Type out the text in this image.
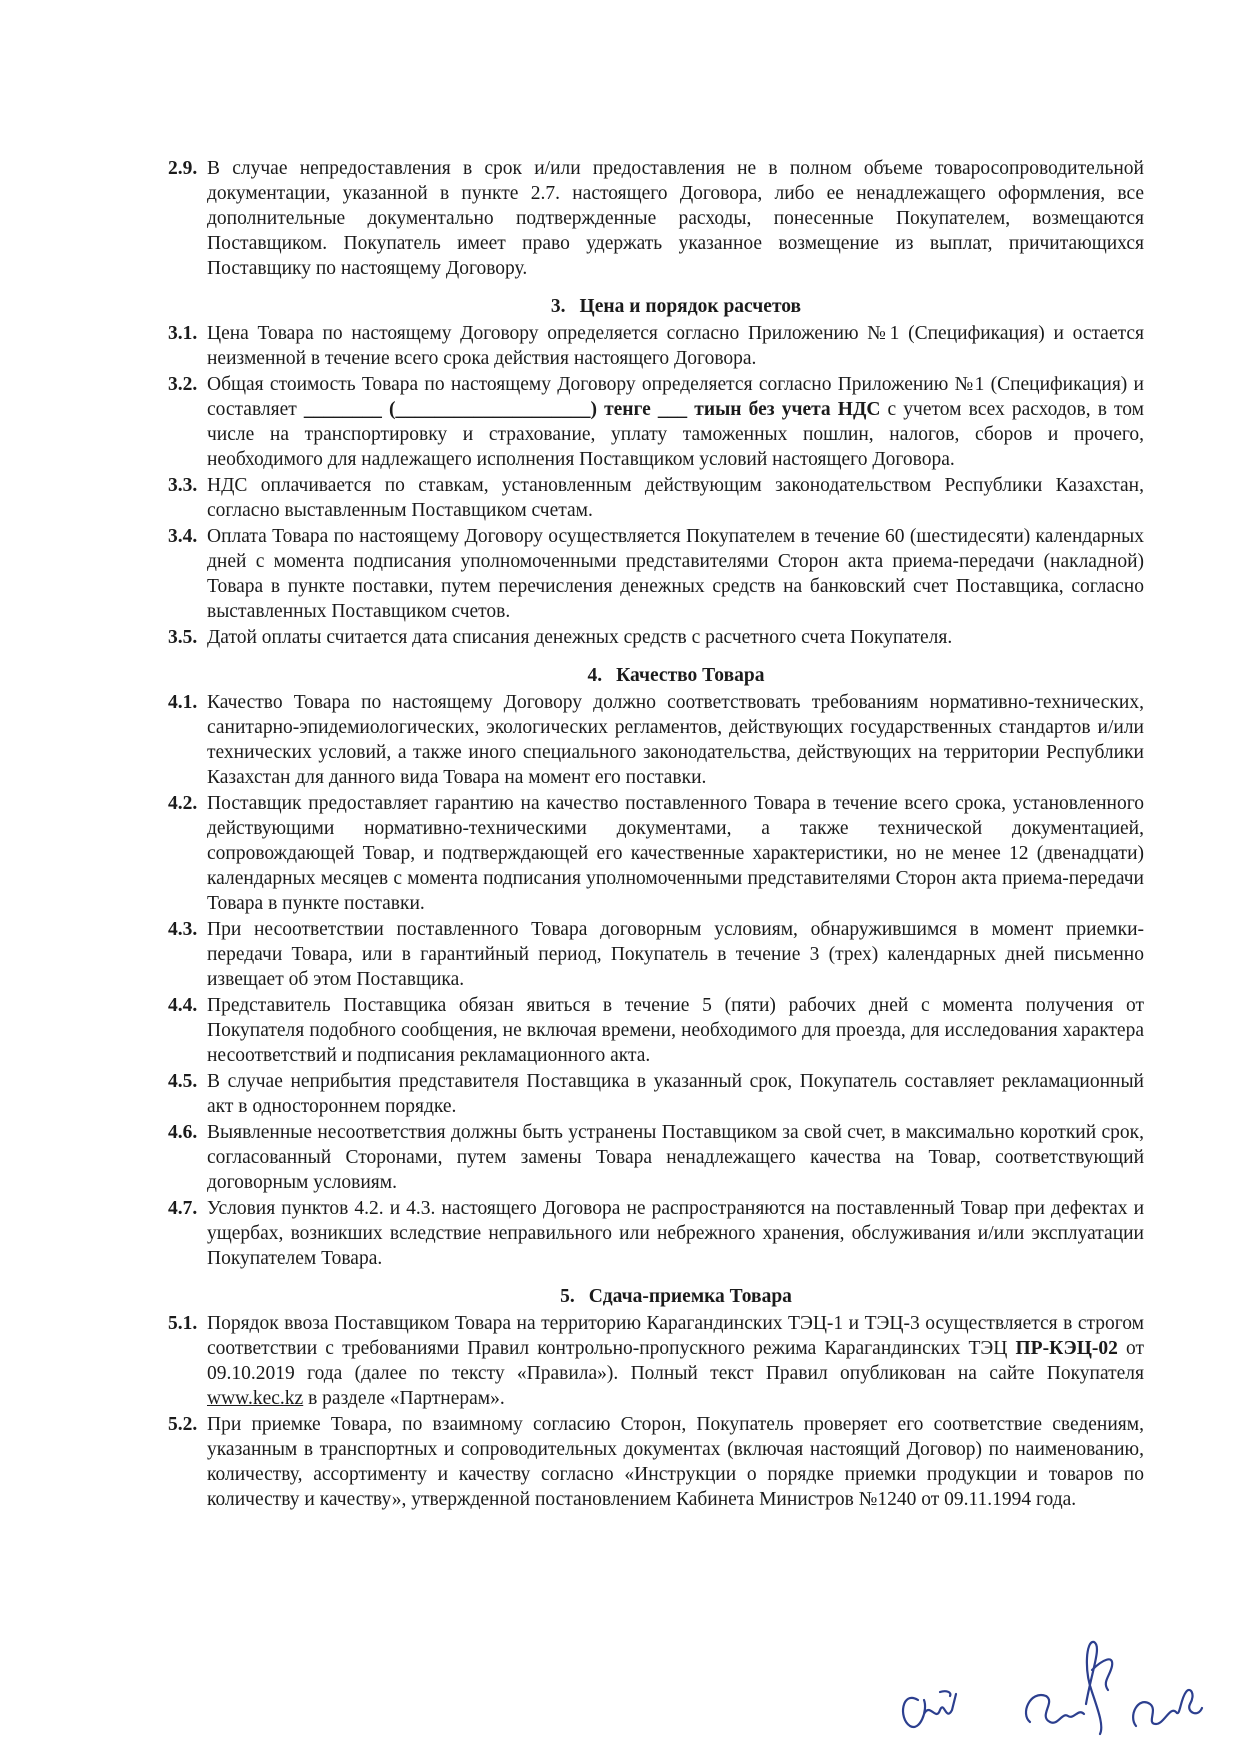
2.9. В случае непредоставления в срок и/или предоставления не в полном объеме товаросопроводительной документации, указанной в пункте 2.7. настоящего Договора, либо ее ненадлежащего оформления, все дополнительные документально подтвержденные расходы, понесенные Покупателем, возмещаются Поставщиком. Покупатель имеет право удержать указанное возмещение из выплат, причитающихся Поставщику по настоящему Договору.

3. Цена и порядок расчетов

3.1. Цена Товара по настоящему Договору определяется согласно Приложению №1 (Спецификация) и остается неизменной в течение всего срока действия настоящего Договора.

3.2. Общая стоимость Товара по настоящему Договору определяется согласно Приложению №1 (Спецификация) и составляет ________ (____________________) тенге ___ тиын без учета НДС с учетом всех расходов, в том числе на транспортировку и страхование, уплату таможенных пошлин, налогов, сборов и прочего, необходимого для надлежащего исполнения Поставщиком условий настоящего Договора.

3.3. НДС оплачивается по ставкам, установленным действующим законодательством Республики Казахстан, согласно выставленным Поставщиком счетам.

3.4. Оплата Товара по настоящему Договору осуществляется Покупателем в течение 60 (шестидесяти) календарных дней с момента подписания уполномоченными представителями Сторон акта приема-передачи (накладной) Товара в пункте поставки, путем перечисления денежных средств на банковский счет Поставщика, согласно выставленных Поставщиком счетов.

3.5. Датой оплаты считается дата списания денежных средств с расчетного счета Покупателя.

4. Качество Товара

4.1. Качество Товара по настоящему Договору должно соответствовать требованиям нормативно-технических, санитарно-эпидемиологических, экологических регламентов, действующих государственных стандартов и/или технических условий, а также иного специального законодательства, действующих на территории Республики Казахстан для данного вида Товара на момент его поставки.

4.2. Поставщик предоставляет гарантию на качество поставленного Товара в течение всего срока, установленного действующими нормативно-техническими документами, а также технической документацией, сопровождающей Товар, и подтверждающей его качественные характеристики, но не менее 12 (двенадцати) календарных месяцев с момента подписания уполномоченными представителями Сторон акта приема-передачи Товара в пункте поставки.

4.3. При несоответствии поставленного Товара договорным условиям, обнаружившимся в момент приемки-передачи Товара, или в гарантийный период, Покупатель в течение 3 (трех) календарных дней письменно извещает об этом Поставщика.

4.4. Представитель Поставщика обязан явиться в течение 5 (пяти) рабочих дней с момента получения от Покупателя подобного сообщения, не включая времени, необходимого для проезда, для исследования характера несоответствий и подписания рекламационного акта.

4.5. В случае неприбытия представителя Поставщика в указанный срок, Покупатель составляет рекламационный акт в одностороннем порядке.

4.6. Выявленные несоответствия должны быть устранены Поставщиком за свой счет, в максимально короткий срок, согласованный Сторонами, путем замены Товара ненадлежащего качества на Товар, соответствующий договорным условиям.

4.7. Условия пунктов 4.2. и 4.3. настоящего Договора не распространяются на поставленный Товар при дефектах и ущербах, возникших вследствие неправильного или небрежного хранения, обслуживания и/или эксплуатации Покупателем Товара.

5. Сдача-приемка Товара

5.1. Порядок ввоза Поставщиком Товара на территорию Карагандинских ТЭЦ-1 и ТЭЦ-3 осуществляется в строгом соответствии с требованиями Правил контрольно-пропускного режима Карагандинских ТЭЦ ПР-КЭЦ-02 от 09.10.2019 года (далее по тексту «Правила»). Полный текст Правил опубликован на сайте Покупателя www.kec.kz в разделе «Партнерам».

5.2. При приемке Товара, по взаимному согласию Сторон, Покупатель проверяет его соответствие сведениям, указанным в транспортных и сопроводительных документах (включая настоящий Договор) по наименованию, количеству, ассортименту и качеству согласно «Инструкции о порядке приемки продукции и товаров по количеству и качеству», утвержденной постановлением Кабинета Министров №1240 от 09.11.1994 года.
